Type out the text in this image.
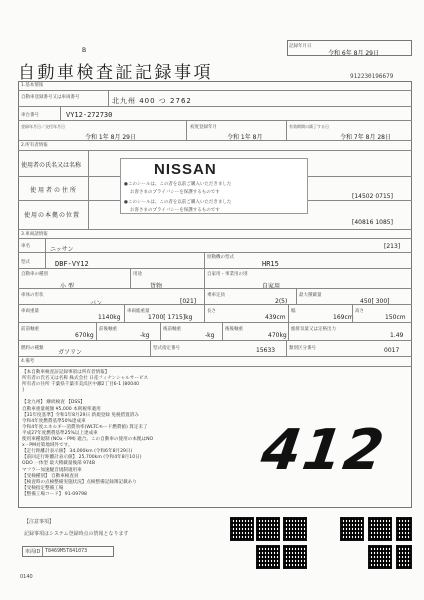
B
自動車検査証記録事項
記録年月日
令和 6年 8月 29日
912230196679
1.基本情報
自動車登録番号又は車両番号	北九州 400 つ 2762
車台番号	VY12-272730
登録年月日／交付年月日
令和 1年 8月 29日
初度登録年月
令和 1年 8月
有効期間の満了する日
令和 7年 8月 28日
2.所有者情報
使用者の氏名又は名称
使用者の住所
使用の本拠の位置
NISSAN
●このシールは、この者を以前ご購入いただきました
お客さまのプライバシーを保護するものです
●このシールは、この者を以前ご購入いただきました
お客さまのプライバシーを保護するものです
[14502 0715]
[40816 1085]
3.車両諸情報
車名	ニッサン	[213]
型式	DBF-VY12
原動機の型式
HR15
自動車の種別
小 型
用途
貨物
自家用・事業用の別
自家用
車体の形状
バン	[021]
乗車定員
2(5)
最大積載量
450[ 300]
車両重量
1140kg
車両総重量
1700[ 1715]kg
長さ
439cm
幅
169cm
高さ
150cm
前前軸重
670kg
前後軸重
-kg
後前軸重
-kg
後後軸重
470kg
総排気量又は定格出力
1.49
燃料の種類
ガソリン
型式指定番号	15633	類別区分番号	0017
4.備考
【本自動車検査証記録事項は所有者情報】
所有者の氏名又は名称 株式会社 日産フィナンシャルサービス
所有者の住所 千葉県千葉市美浜区中瀬2丁目6-1 [80040
]
【北九州】 継続検査 【DSS】
自動車重量税額 ¥5,000 本則税率適用
【31年度基準】令和1年8月29日 新規登録 免税措置済み
令和4年度燃費基準50%達成車
令和4年度エネルギー消費効率(WLTCモード燃費値) 算定未了
平成27年度燃費基準25%以上達成車
使用車種規制 (NOx・PM) 適合。この自動車の使用の本拠はNO
x・PM対策地域外です。
【走行距離計表示値】 34,000km (令和6年8月29日)
【前回走行距離計表示値】 25,700km (令和4年8月10日)
ODO 一体型 最大積載量後部 974B
マフラー加速騒音規制適用車
【受検種別】 自動車検査員
【検査時の点検整備実施状況】点検整備記録簿記載あり
【受検指定整備工場
【整備工場コード】 91-09798
412
【注意事項】
記録事項はシステム登録時点の情報となります
車両ID T8469M5T841073
0140
